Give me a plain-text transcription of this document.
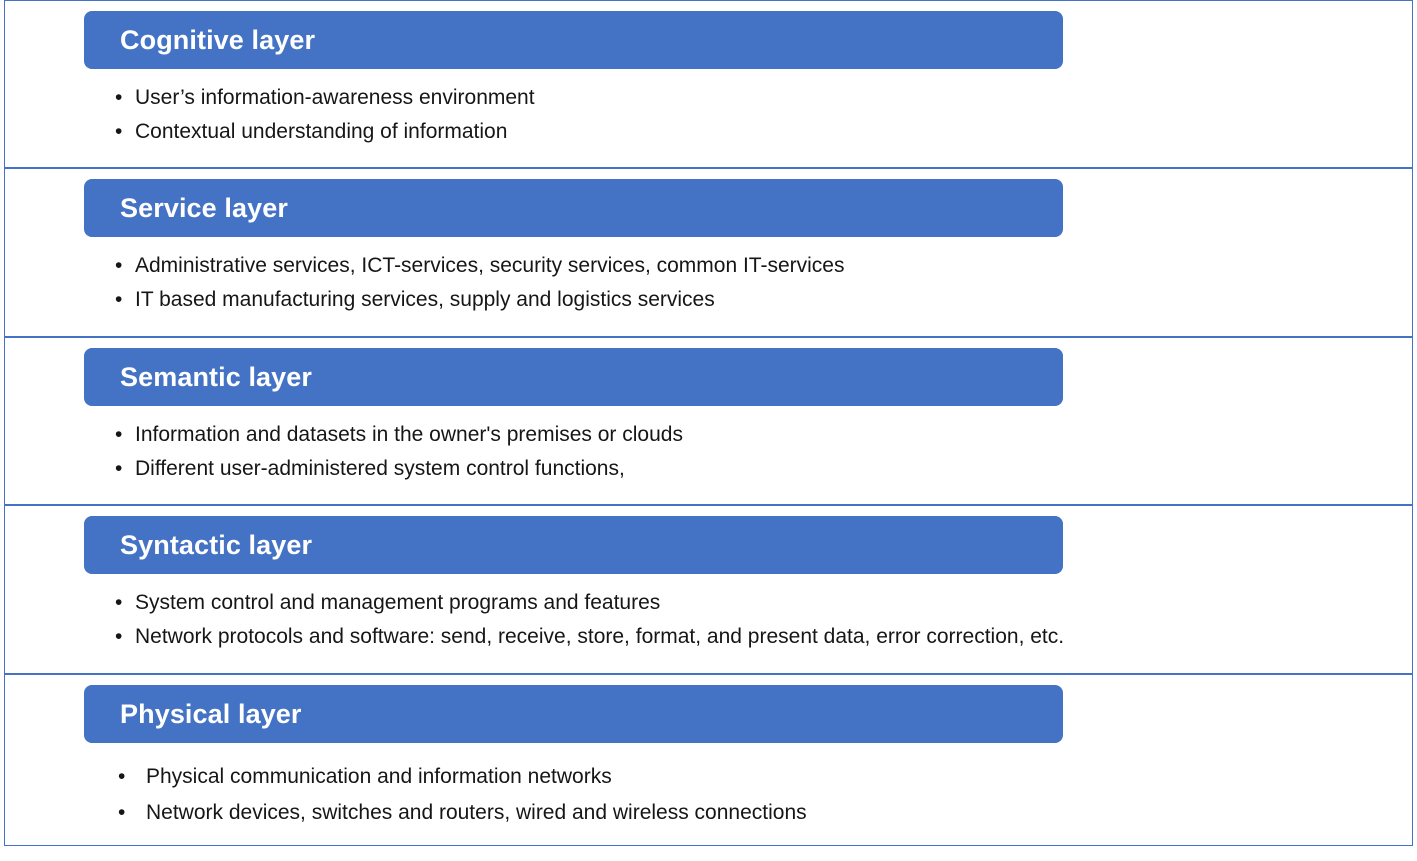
Cognitive layer
• User’s information-awareness environment
• Contextual understanding of information
Service layer
• Administrative services, ICT-services, security services, common IT-services
• IT based manufacturing services, supply and logistics services
Semantic layer
• Information and datasets in the owner's premises or clouds
• Different user-administered system control functions,
Syntactic layer
• System control and management programs and features
• Network protocols and software: send, receive, store, format, and present data, error correction, etc.
Physical layer
• Physical communication and information networks
• Network devices, switches and routers, wired and wireless connections
